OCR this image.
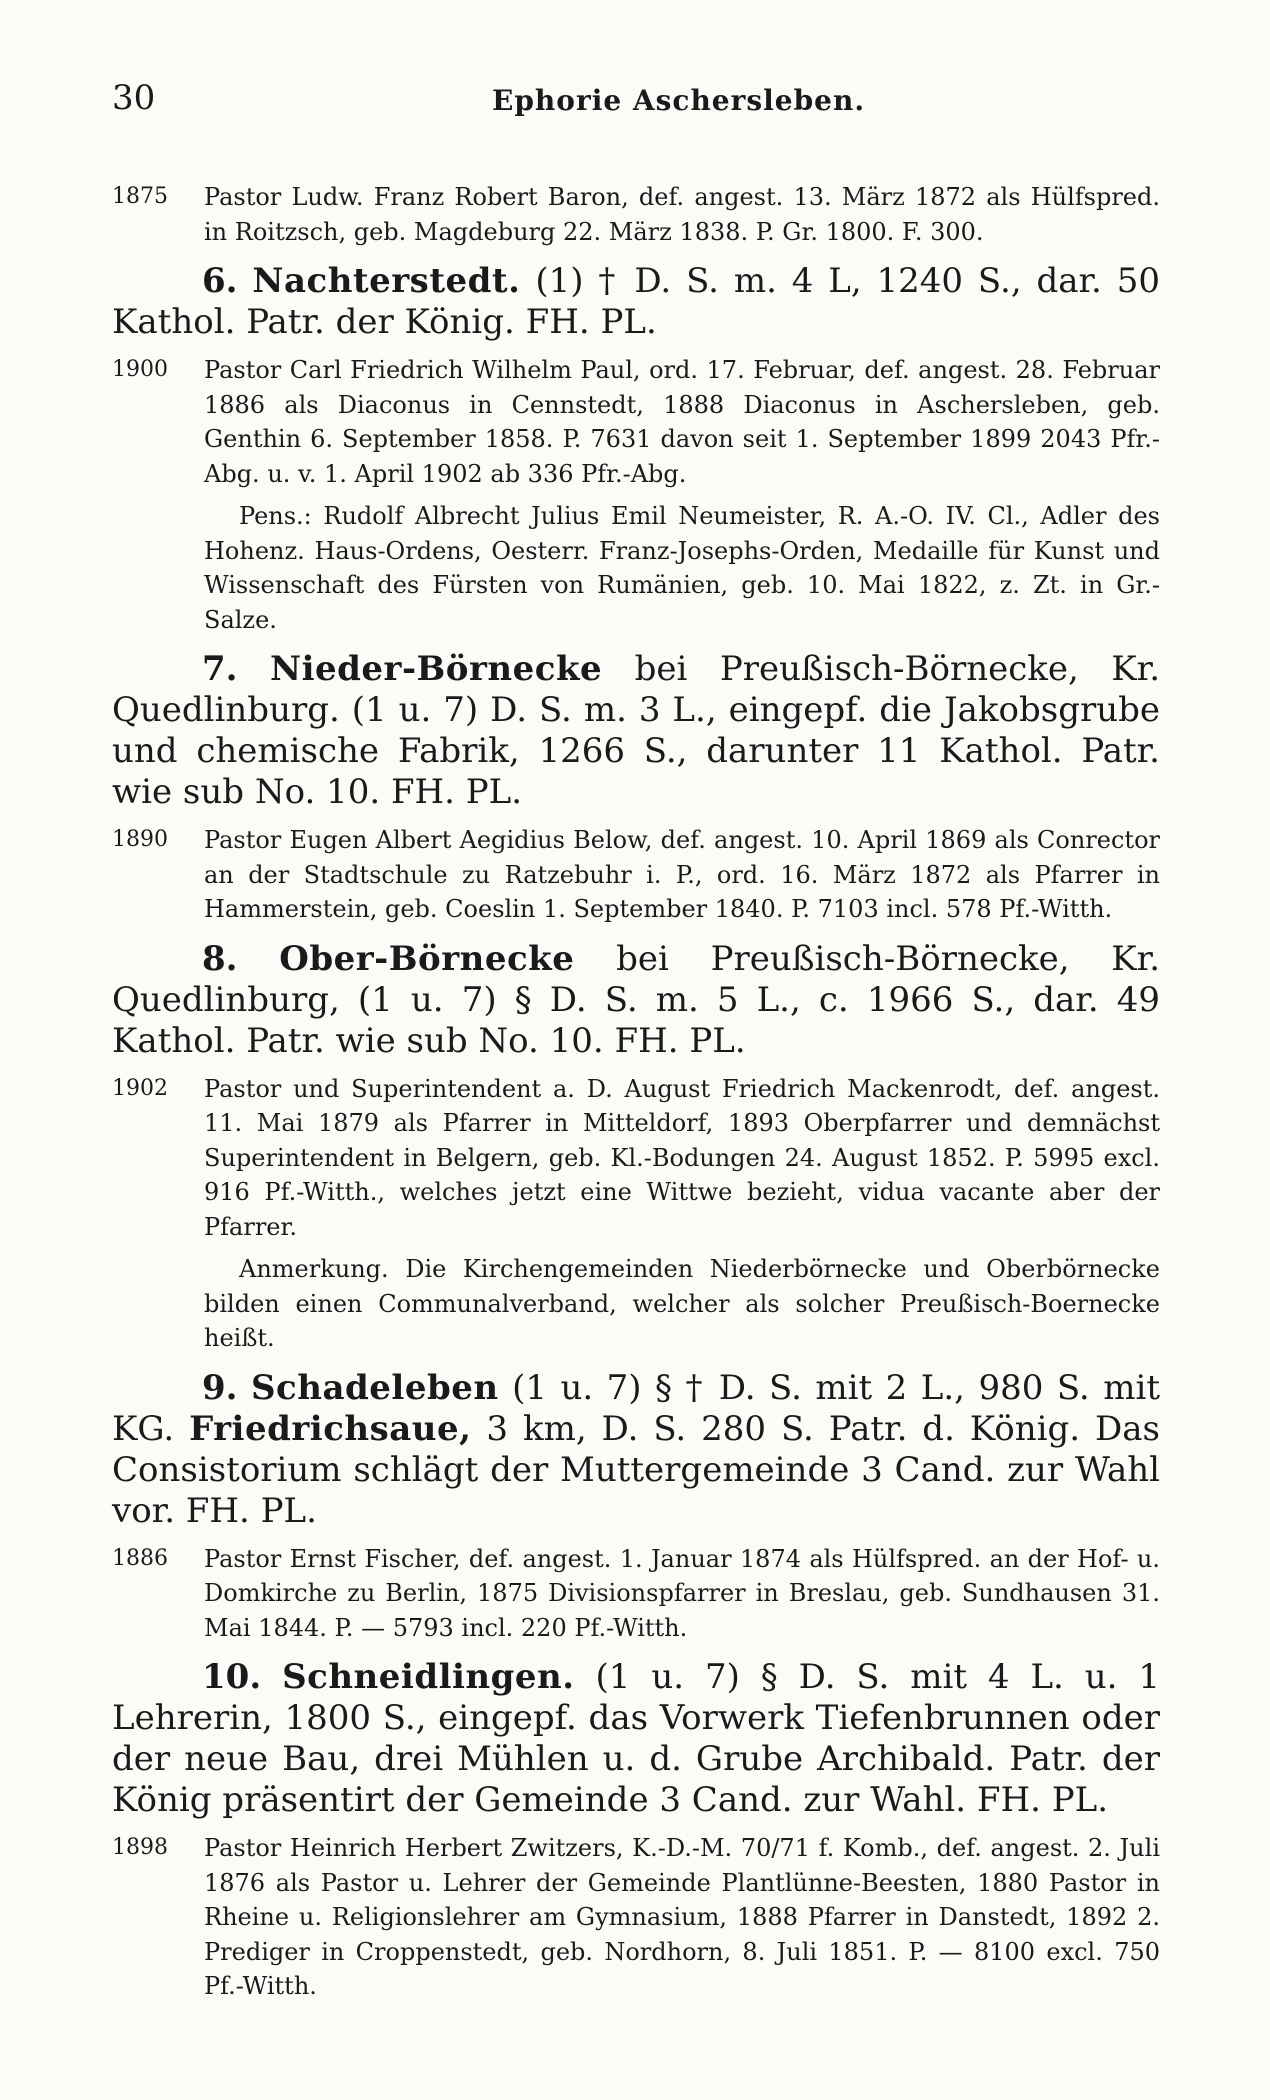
30	Ephorie Aschersleben.
1875	Pastor Ludw. Franz Robert Baron, def. angest. 13. März 1872 als Hülfspred. in Roitzsch, geb. Magdeburg 22. März 1838. P. Gr. 1800. F. 300.
6. Nachterstedt. (1) † D. S. m. 4 L, 1240 S., dar. 50 Kathol. Patr. der König. FH. PL.
1900	Pastor Carl Friedrich Wilhelm Paul, ord. 17. Februar, def. angest. 28. Februar 1886 als Diaconus in Cennstedt, 1888 Diaconus in Aschersleben, geb. Genthin 6. September 1858. P. 7631 davon seit 1. September 1899 2043 Pfr.-Abg. u. v. 1. April 1902 ab 336 Pfr.-Abg.
Pens.: Rudolf Albrecht Julius Emil Neumeister, R. A.-O. IV. Cl., Adler des Hohenz. Haus-Ordens, Oesterr. Franz-Josephs-Orden, Medaille für Kunst und Wissenschaft des Fürsten von Rumänien, geb. 10. Mai 1822, z. Zt. in Gr.-Salze.
7. Nieder-Börnecke bei Preußisch-Börnecke, Kr. Quedlinburg. (1 u. 7) D. S. m. 3 L., eingepf. die Jakobsgrube und chemische Fabrik, 1266 S., darunter 11 Kathol. Patr. wie sub No. 10. FH. PL.
1890	Pastor Eugen Albert Aegidius Below, def. angest. 10. April 1869 als Conrector an der Stadtschule zu Ratzebuhr i. P., ord. 16. März 1872 als Pfarrer in Hammerstein, geb. Coeslin 1. September 1840. P. 7103 incl. 578 Pf.-Witth.
8. Ober-Börnecke bei Preußisch-Börnecke, Kr. Quedlinburg, (1 u. 7) § D. S. m. 5 L., c. 1966 S., dar. 49 Kathol. Patr. wie sub No. 10. FH. PL.
1902	Pastor und Superintendent a. D. August Friedrich Mackenrodt, def. angest. 11. Mai 1879 als Pfarrer in Mitteldorf, 1893 Oberpfarrer und demnächst Superintendent in Belgern, geb. Kl.-Bodungen 24. August 1852. P. 5995 excl. 916 Pf.-Witth., welches jetzt eine Wittwe bezieht, vidua vacante aber der Pfarrer.
Anmerkung. Die Kirchengemeinden Niederbörnecke und Oberbörnecke bilden einen Communalverband, welcher als solcher Preußisch-Boernecke heißt.
9. Schadeleben (1 u. 7) § † D. S. mit 2 L., 980 S. mit KG. Friedrichsaue, 3 km, D. S. 280 S. Patr. d. König. Das Consistorium schlägt der Muttergemeinde 3 Cand. zur Wahl vor. FH. PL.
1886	Pastor Ernst Fischer, def. angest. 1. Januar 1874 als Hülfspred. an der Hof- u. Domkirche zu Berlin, 1875 Divisionspfarrer in Breslau, geb. Sundhausen 31. Mai 1844. P. — 5793 incl. 220 Pf.-Witth.
10. Schneidlingen. (1 u. 7) § D. S. mit 4 L. u. 1 Lehrerin, 1800 S., eingepf. das Vorwerk Tiefenbrunnen oder der neue Bau, drei Mühlen u. d. Grube Archibald. Patr. der König präsentirt der Gemeinde 3 Cand. zur Wahl. FH. PL.
1898	Pastor Heinrich Herbert Zwitzers, K.-D.-M. 70/71 f. Komb., def. angest. 2. Juli 1876 als Pastor u. Lehrer der Gemeinde Plantlünne-Beesten, 1880 Pastor in Rheine u. Religionslehrer am Gymnasium, 1888 Pfarrer in Danstedt, 1892 2. Prediger in Croppenstedt, geb. Nordhorn, 8. Juli 1851. P. — 8100 excl. 750 Pf.-Witth.
